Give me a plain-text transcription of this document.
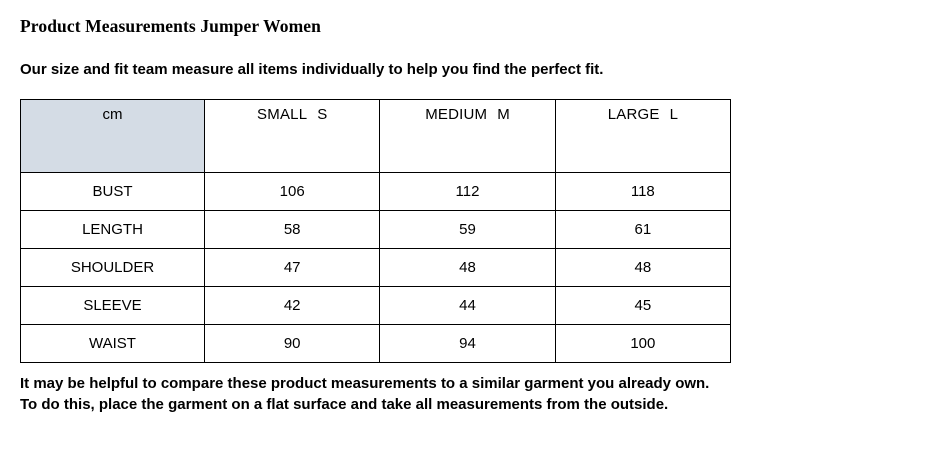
Product Measurements Jumper Women

Our size and fit team measure all items individually to help you find the perfect fit.

cm	SMALL S	MEDIUM M	LARGE L
BUST	106	112	118
LENGTH	58	59	61
SHOULDER	47	48	48
SLEEVE	42	44	45
WAIST	90	94	100
It may be helpful to compare these product measurements to a similar garment you already own.
To do this, place the garment on a flat surface and take all measurements from the outside.
